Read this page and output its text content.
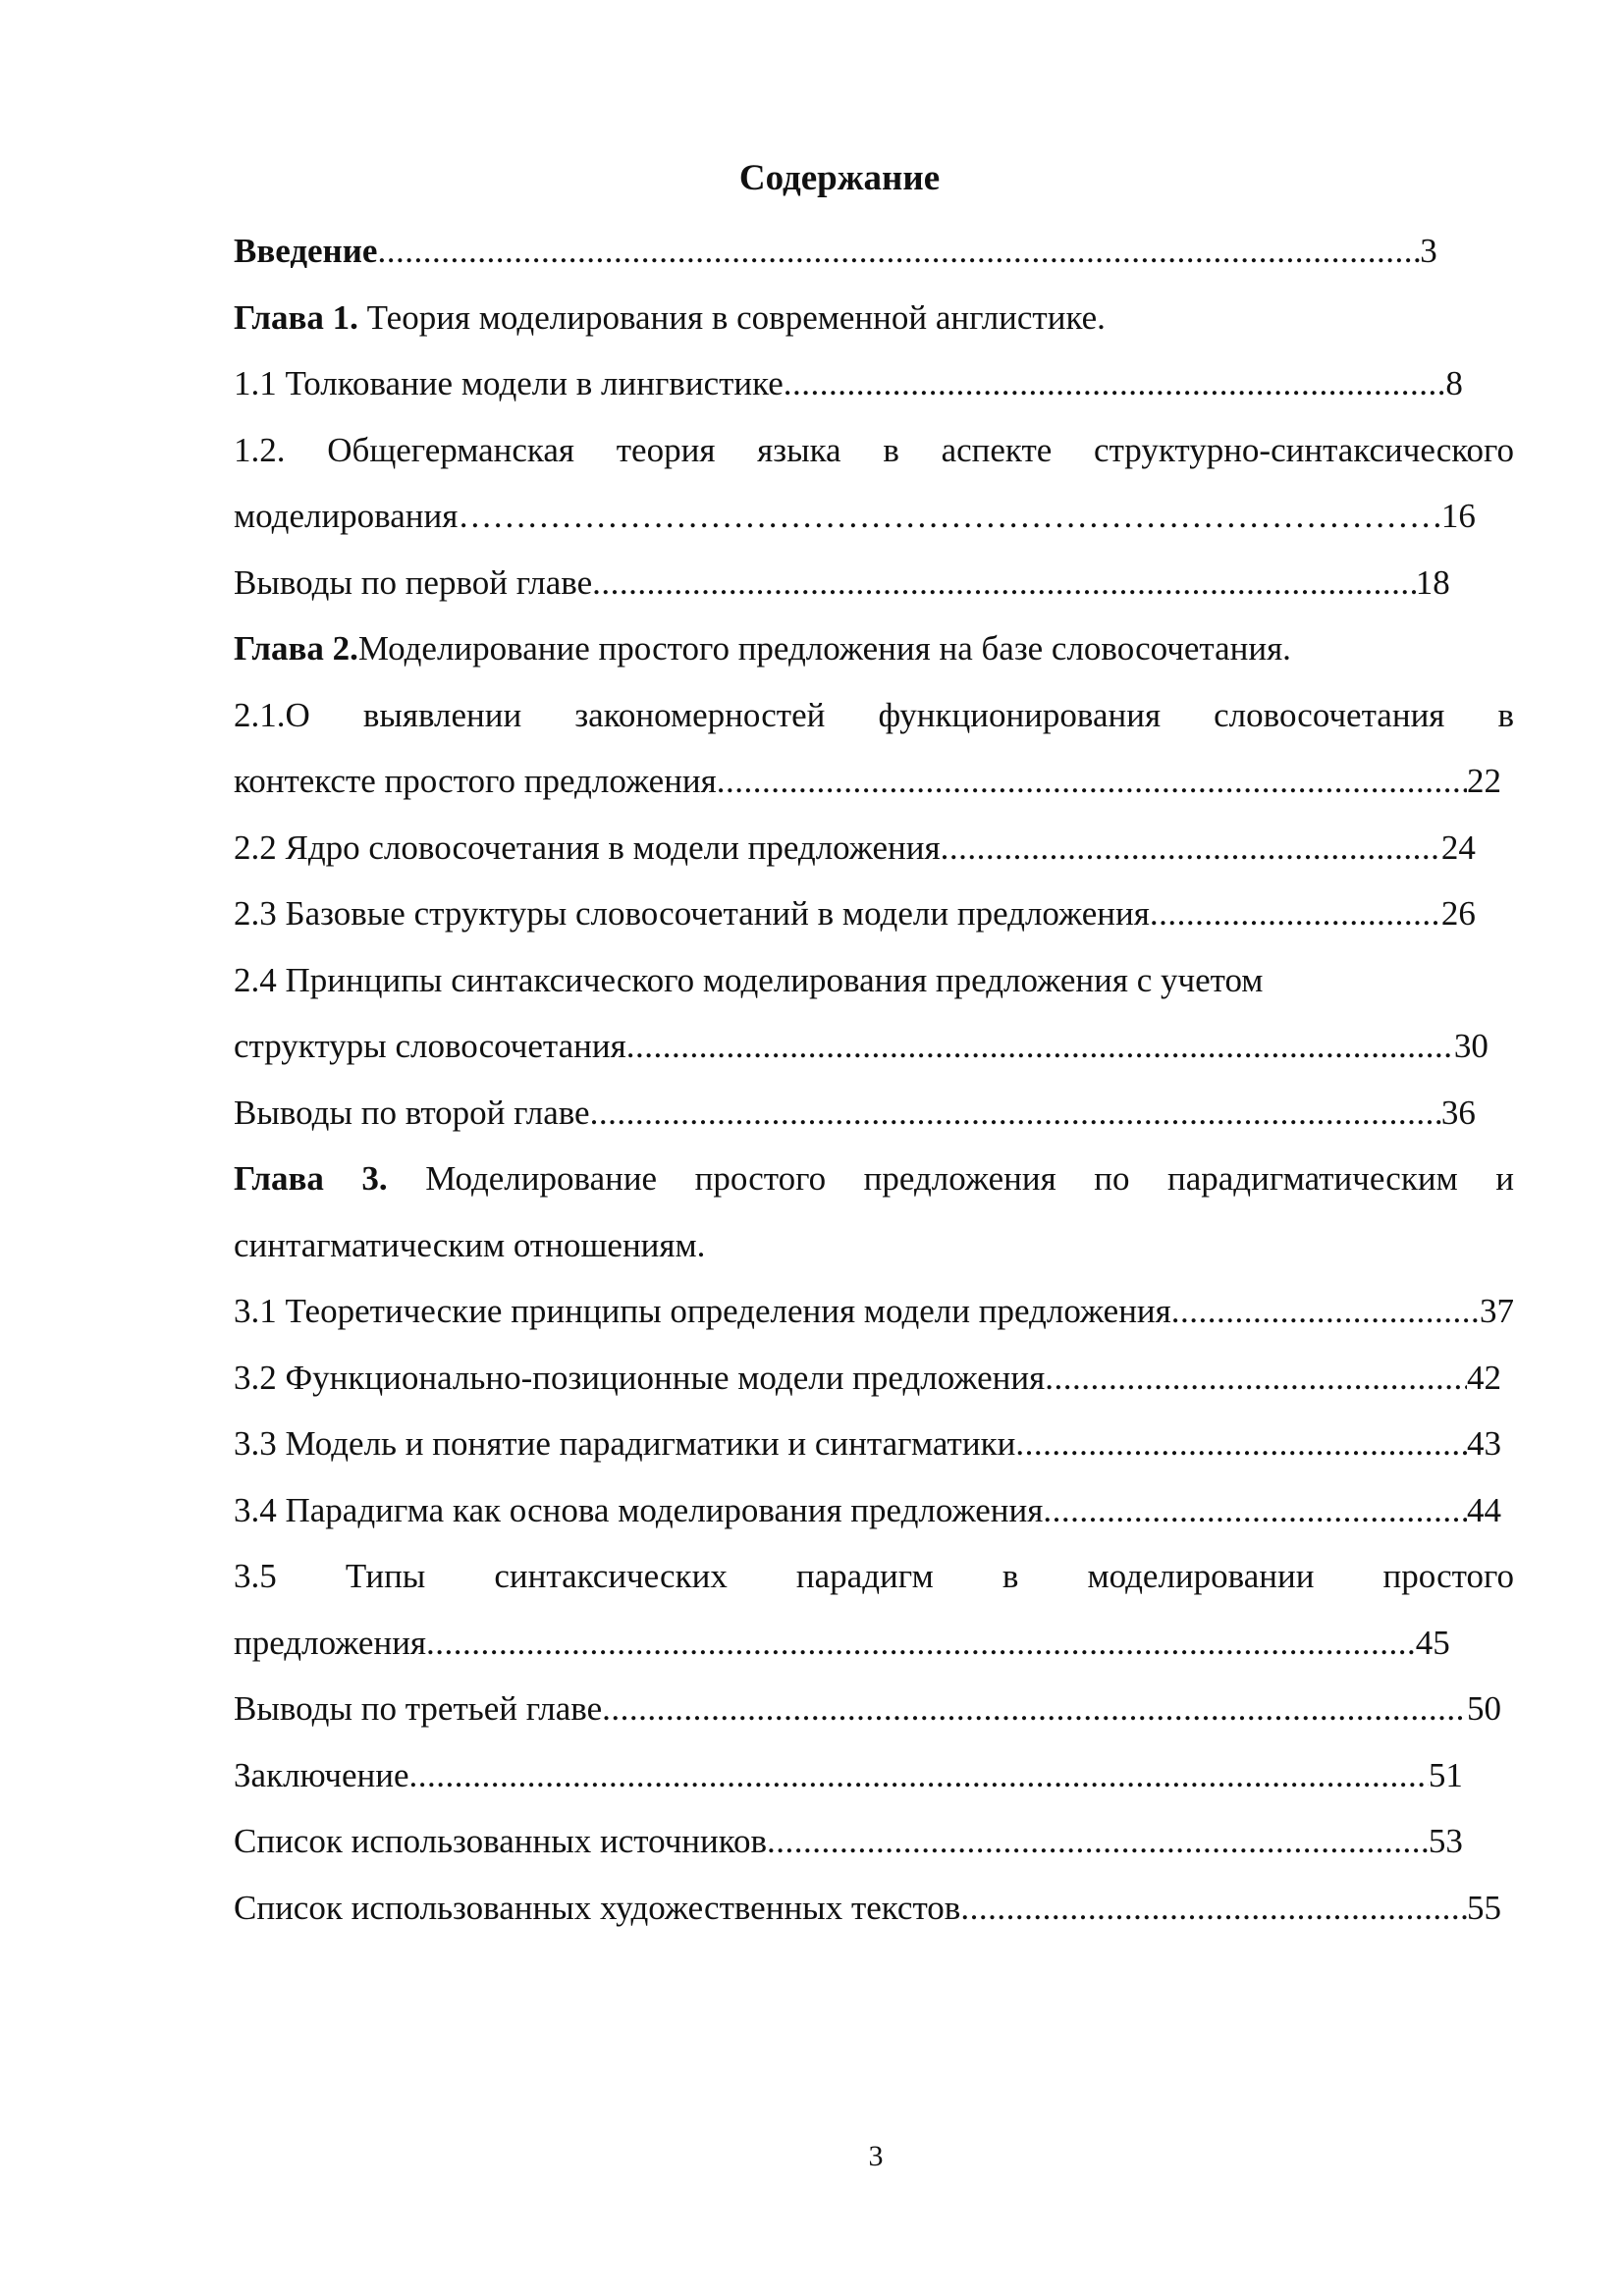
Содержание
Введение .....	3
Глава 1. Теория моделирования в современной англистике.
1.1 Толкование модели в лингвистике .....	8
1.2. Общегерманская теория языка в аспекте структурно-синтаксического
моделирования …………………………………………………………………………………………………………………………	16
Выводы по первой главе .....	18
Глава 2.Моделирование простого предложения на базе словосочетания.
2.1.О выявлении закономерностей функционирования словосочетания в
контексте простого предложения .....	22
2.2 Ядро словосочетания в модели предложения .....	24
2.3 Базовые структуры словосочетаний в модели предложения .....	26
2.4 Принципы синтаксического моделирования предложения с учетом
структуры словосочетания .....	30
Выводы по второй главе .....	36
Глава 3. Моделирование простого предложения по парадигматическим и
синтагматическим отношениям.
3.1 Теоретические принципы определения модели предложения .....	37
3.2 Функционально-позиционные модели предложения .....	42
3.3 Модель и понятие парадигматики и синтагматики .....	43
3.4 Парадигма как основа моделирования предложения .....	44
3.5 Типы синтаксических парадигм в моделировании простого
предложения .....	45
Выводы по третьей главе .....	50
Заключение .....	51
Список использованных источников .....	53
Список использованных художественных текстов .....	55
3
